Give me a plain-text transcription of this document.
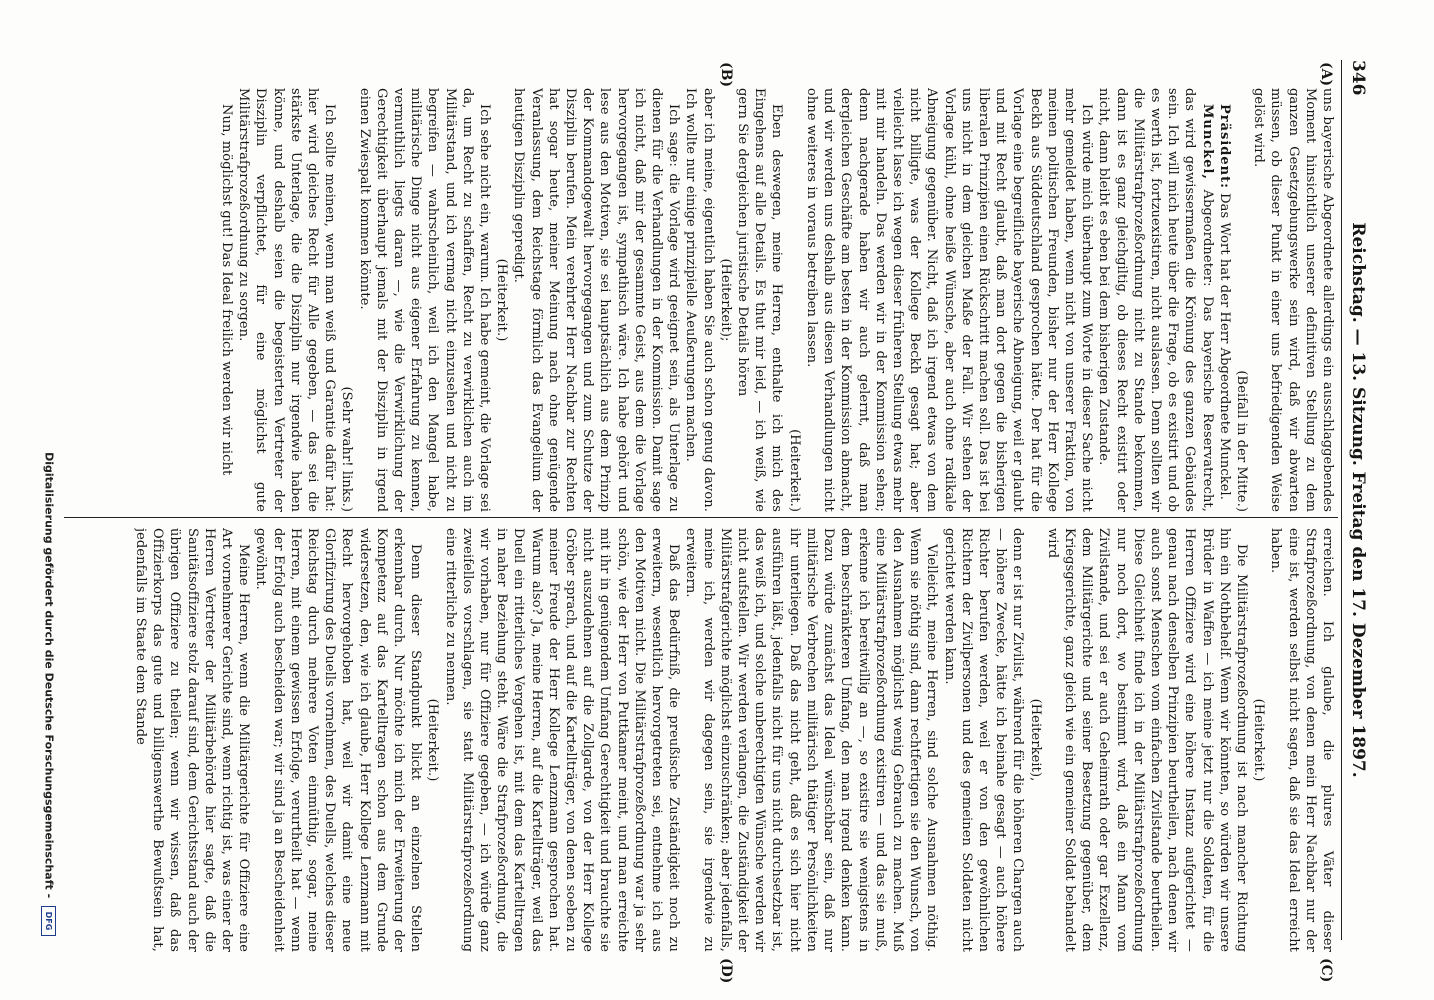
346
Reichstag. — 13. Sitzung. Freitag den 17. Dezember 1897.
(A)
(B)
(C)
(D)

uns bayerische Abgeordnete allerdings ein ausschlaggebendes Moment hinsichtlich unserer definitiven Stellung zu dem ganzen Gesetzgebungswerke sein wird, daß wir abwarten müssen, ob dieser Punkt in einer uns befriedigenden Weise gelöst wird.

(Beifall in der Mitte.)

Präsident: Das Wort hat der Herr Abgeordnete Munckel.

Munckel, Abgeordneter: Das bayerische Reservatrecht, das wird gewissermaßen die Krönung des ganzen Gebäudes sein. Ich will mich heute über die Frage, ob es existirt und ob es werth ist, fortzuexistiren, nicht auslassen. Denn sollten wir die Militärstrafprozeßordnung nicht zu Stande bekommen, dann ist es ganz gleichgiltig, ob dieses Recht existirt oder nicht, dann bleibt es eben bei dem bisherigen Zustande.

Ich würde mich überhaupt zum Worte in dieser Sache nicht mehr gemeldet haben, wenn nicht von unserer Fraktion, von meinen politischen Freunden, bisher nur der Herr Kollege Beckh aus Süddeutschland gesprochen hätte. Der hat für die Vorlage eine begreifliche bayerische Abneigung, weil er glaubt und mit Recht glaubt, daß man dort gegen die bisherigen liberalen Prinzipien einen Rückschritt machen soll. Das ist bei uns nicht in dem gleichen Maße der Fall. Wir stehen der Vorlage kühl, ohne heiße Wünsche, aber auch ohne radikale Abneigung gegenüber. Nicht, daß ich irgend etwas von dem nicht billigte, was der Kollege Beckh gesagt hat; aber vielleicht lasse ich wegen dieser früheren Stellung etwas mehr mit mir handeln. Das werden wir in der Kommission sehen; denn nachgerade haben wir auch gelernt, daß man dergleichen Geschäfte am besten in der Kommission abmacht, und wir werden uns deshalb aus diesen Verhandlungen nicht ohne weiteres in voraus betreiben lassen.

(Heiterkeit.)

Eben deswegen, meine Herren, enthalte ich mich des Eingehens auf alle Details. Es thut mir leid, — ich weiß, wie gern Sie dergleichen juristische Details hören

(Heiterkeit);

aber ich meine, eigentlich haben Sie auch schon genug davon. Ich wollte nur einige prinzipielle Aeußerungen machen.

Ich sage: die Vorlage wird geeignet sein, als Unterlage zu dienen für die Verhandlungen in der Kommission. Damit sage ich nicht, daß mir der gesammte Geist, aus dem die Vorlage hervorgegangen ist, sympathisch wäre. Ich habe gehört und lese aus den Motiven, sie sei hauptsächlich aus dem Prinzip der Kommandogewalt hervorgegangen und zum Schutze der Disziplin berufen. Mein verehrter Herr Nachbar zur Rechten hat sogar heute, meiner Meinung nach ohne genügende Veranlassung, dem Reichstage förmlich das Evangelium der heutigen Disziplin gepredigt.

(Heiterkeit.)

Ich sehe nicht ein, warum. Ich habe gemeint, die Vorlage sei da, um Recht zu schaffen, Recht zu verwirklichen auch im Militärstand, und ich vermag nicht einzusehen und nicht zu begreifen — wahrscheinlich, weil ich den Mangel habe, militärische Dinge nicht aus eigener Erfahrung zu kennen, vermuthlich liegts daran —, wie die Verwirklichung der Gerechtigkeit überhaupt jemals mit der Disziplin in irgend einen Zwiespalt kommen könnte.

(Sehr wahr! links.)

Ich sollte meinen, wenn man weiß und Garantie dafür hat: hier wird gleiches Recht für Alle gegeben, — das sei die stärkste Unterlage, die die Disziplin nur irgendwie haben könne, und deshalb seien die begeisterten Vertreter der Disziplin verpflichtet, für eine möglichst gute Militärstrafprozeßordnung zu sorgen.

Nun, möglichst gut! Das Ideal freilich werden wir nicht

erreichen. Ich glaube, die plures Väter dieser Strafprozeßordnung, von denen mein Herr Nachbar nur der eine ist, werden selbst nicht sagen, daß sie das Ideal erreicht haben.

(Heiterkeit.)

Die Militärstrafprozeßordnung ist nach mancher Richtung hin ein Nothbehelf. Wenn wir könnten, so würden wir unsere Brüder in Waffen — ich meine jetzt nur die Soldaten, für die Herren Offiziere wird eine höhere Instanz aufgerichtet — genau nach denselben Prinzipien beurtheilen, nach denen wir auch sonst Menschen vom einfachen Zivilstande beurtheilen. Diese Gleichheit finde ich in der Militärstrafprozeßordnung nur noch dort, wo bestimmt wird, daß ein Mann vom Zivilstande, und sei er auch Geheimrath oder gar Exzellenz, dem Militärgerichte und seiner Besetzung gegenüber, dem Kriegsgerichte, ganz gleich wie ein gemeiner Soldat behandelt wird

(Heiterkeit),

denn er ist nur Zivilist, während für die höheren Chargen auch — höhere Zwecke, hätte ich beinahe gesagt — auch höhere Richter berufen werden, weil er von den gewöhnlichen Richtern der Zivilpersonen und des gemeinen Soldaten nicht gerichtet werden kann.

Vielleicht, meine Herren, sind solche Ausnahmen nöthig. Wenn sie nöthig sind, dann rechtfertigen sie den Wunsch, von den Ausnahmen möglichst wenig Gebrauch zu machen. Muß eine Militärstrafprozeßordnung existiren — und das sie muß, erkenne ich bereitwillig an —, so existire sie wenigstens in dem beschränkteren Umfang, den man irgend denken kann. Dazu würde zunächst das Ideal wünschbar sein, daß nur militärische Verbrechen militärisch thätiger Persönlichkeiten ihr unterliegen. Daß das nicht geht, daß es sich hier nicht ausführen läßt, jedenfalls nicht für uns nicht durchsetzbar ist, das weiß ich, und solche unberechtigten Wünsche werden wir nicht aufstellen. Wir werden verlangen, die Zuständigkeit der Militärstrafgerichte möglichst einzuschränken; aber jedenfalls, meine ich, werden wir dagegen sein, sie irgendwie zu erweitern.

Daß das Bedürfniß, die preußische Zuständigkeit noch zu erweitern, wesentlich hervorgetreten sei, entnehme ich aus den Motiven nicht. Die Militärstrafprozeßordnung war ja sehr schön, wie der Herr von Puttkamer meint, und man erreichte mit ihr in genügendem Umfang Gerechtigkeit und brauchte sie nicht auszudehnen auf die Zollgarde, von der Herr Kollege Gröber sprach, und auf die Kartellträger, von denen soeben zu meiner Freude der Herr Kollege Lenzmann gesprochen hat. Warum also? Ja, meine Herren, auf die Kartellträger, weil das Duell ein ritterliches Vergehen ist, mit dem das Kartelltragen in naher Beziehung steht. Wäre die Strafprozeßordnung, die wir vorhaben, nur für Offiziere gegeben, — ich würde ganz zweifellos vorschlagen, sie statt Militärstrafprozeßordnung eine ritterliche zu nennen.

(Heiterkeit.)

Denn dieser Standpunkt blickt an einzelnen Stellen erkennbar durch. Nur möchte ich mich der Erweiterung der Kompetenz auf das Kartelltragen schon aus dem Grunde widersetzen, den, wie ich glaube, Herr Kollege Lenzmann mit Recht hervorgehoben hat, weil wir damit eine neue Glorifizirung des Duells vornehmen, des Duells, welches dieser Reichstag durch mehrere Voten einmüthig, sogar, meine Herren, mit einem gewissen Erfolge, verurtheilt hat — wenn der Erfolg auch bescheiden war; wir sind ja an Bescheidenheit gewöhnt.

Meine Herren, wenn die Militärgerichte für Offiziere eine Art vornehmerer Gerichte sind, wenn richtig ist, was einer der Herren Vertreter der Militärbehörde hier sagte, daß die Sanitätsoffiziere stolz darauf sind, dem Gerichtsstand auch der übrigen Offiziere zu theilen; wenn wir wissen, daß das Offizierkorps das gute und billigenswerthe Bewußtsein hat, jedenfalls im Staate dem Stande

Digitalisierung gefördert durch die Deutsche Forschungsgemeinschaft - DFG
